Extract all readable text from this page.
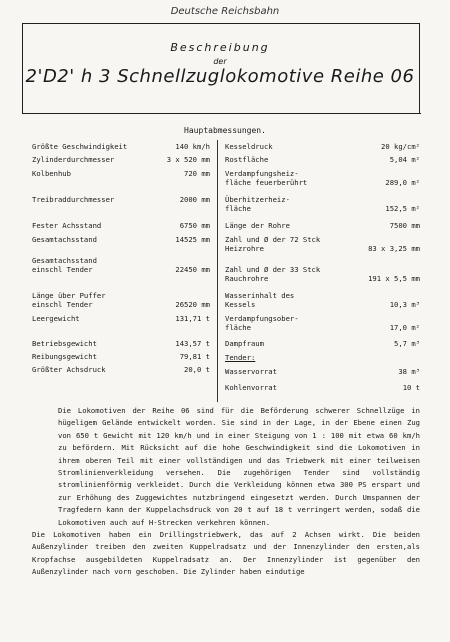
Deutsche Reichsbahn
Beschreibung
der
2'D2' h 3 Schnellzuglokomotive Reihe 06
Hauptabmessungen.
Größte Geschwindigkeit	140 km/h
Zylinderdurchmesser	3 x 520 mm
Kolbenhub	720 mm
Treibraddurchmesser	2000 mm
Fester Achsstand	6750 mm
Gesamtachsstand	14525 mm
Gesamtachsstand
einschl Tender	22450 mm
Länge über Puffer
einschl Tender	26520 mm
Leergewicht	131,71 t
Betriebsgewicht	143,57 t
Reibungsgewicht	79,81 t
Größter Achsdruck	20,0 t
Kesseldruck	20 kg/cm²
Rostfläche	5,04 m²
Verdampfungsheiz-
fläche feuerberührt	289,0 m²
Überhitzerheiz-
fläche	152,5 m²
Länge der Rohre	7500 mm
Zahl und Ø der 72 Stck
Heizrohre	83 x 3,25 mm
Zahl und Ø der 33 Stck
Rauchrohre	191 x 5,5 mm
Wasserinhalt des
Kessels	10,3 m³
Verdampfungsober-
fläche	17,0 m²
Dampfraum	5,7 m³
Tender:
Wasservorrat	38 m³
Kohlenvorrat	10 t

Die Lokomotiven der Reihe 06 sind für die Beförderung schwerer Schnellzüge in hügeligem Gelände entwickelt worden. Sie sind in der Lage, in der Ebene einen Zug von 650 t Gewicht mit 120 km/h und in einer Steigung von 1 : 100 mit etwa 60 km/h zu befördern. Mit Rücksicht auf die hohe Geschwindigkeit sind die Lokomotiven in ihrem oberen Teil mit einer vollständigen und das Triebwerk mit einer teilweisen Stromlinienverkleidung versehen. Die zugehörigen Tender sind vollständig stromlinienförmig verkleidet. Durch die Verkleidung können etwa 300 PS erspart und zur Erhöhung des Zuggewichtes nutzbringend eingesetzt werden. Durch Umspannen der Tragfedern kann der Kuppelachsdruck von 20 t auf 18 t verringert werden, sodaß die Lokomotiven auch auf H-Strecken verkehren können.

Die Lokomotiven haben ein Drillingstriebwerk, das auf 2 Achsen wirkt. Die beiden Außenzylinder treiben den zweiten Kuppelradsatz und der Innenzylinder den ersten,als Kropfachse ausgebildeten Kuppelradsatz an. Der Innenzylinder ist gegenüber den Außenzylinder nach vorn geschoben. Die Zylinder haben eindutige
